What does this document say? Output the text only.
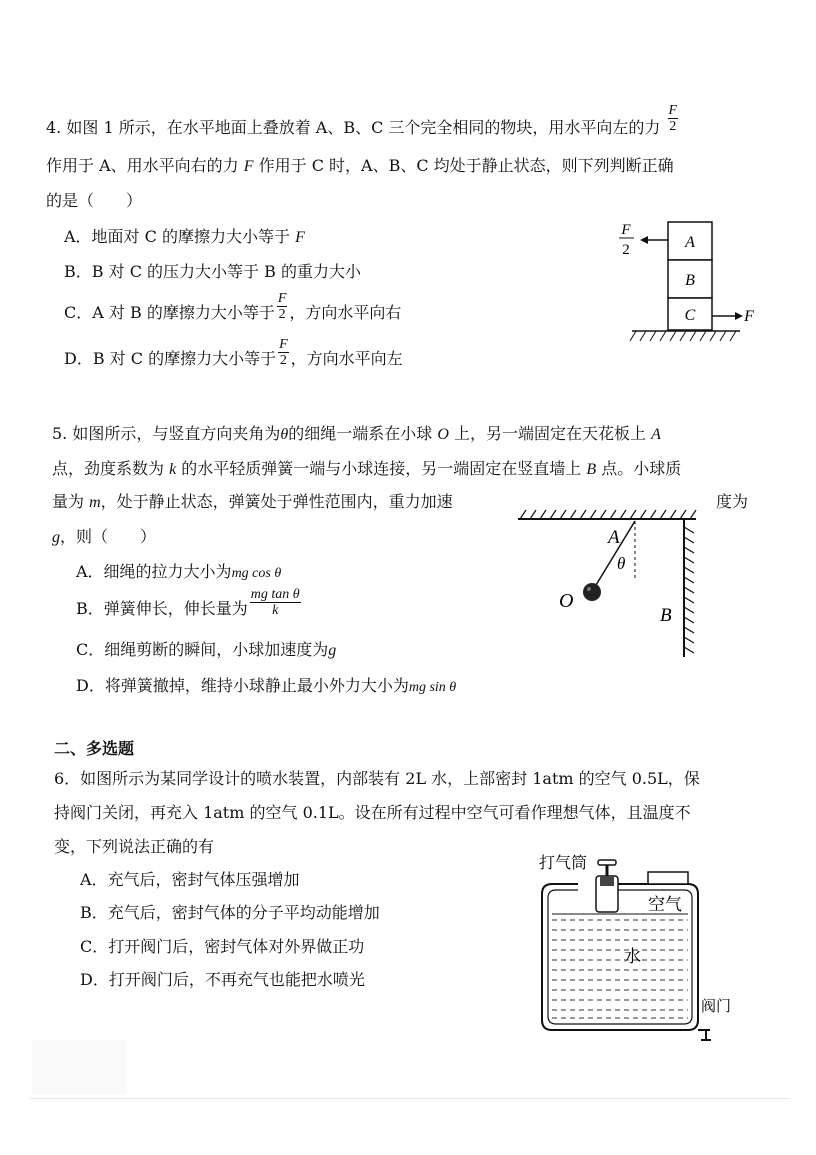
4. 如图 1 所示，在水平地面上叠放着 A、B、C 三个完全相同的物块，用水平向左的力 $\frac{F}{2}$
作用于 A、用水平向右的力 F 作用于 C 时，A、B、C 均处于静止状态，则下列判断正确
的是（　　）
A．地面对 C 的摩擦力大小等于 F
B．B 对 C 的压力大小等于 B 的重力大小
C．A 对 B 的摩擦力大小等于 $\frac{F}{2}$ ，方向水平向右
D．B 对 C 的摩擦力大小等于 $\frac{F}{2}$ ，方向水平向左
A
B
C
F
2
F
5. 如图所示，与竖直方向夹角为θ的细绳一端系在小球 O 上，另一端固定在天花板上 A
点，劲度系数为 k 的水平轻质弹簧一端与小球连接，另一端固定在竖直墙上 B 点。小球质
量为 m，处于静止状态，弹簧处于弹性范围内，重力加速	度为
g，则（　　）
A．细绳的拉力大小为mg cos θ
B．弹簧伸长，伸长量为 $\frac{\text{mg tan θ}}{k}$
C．细绳剪断的瞬间，小球加速度为g
D．将弹簧撤掉，维持小球静止最小外力大小为mg sin θ
A
θ
O
B
二、多选题
6．如图所示为某同学设计的喷水装置，内部装有 2L 水，上部密封 1atm 的空气 0.5L，保
持阀门关闭，再充入 1atm 的空气 0.1L。设在所有过程中空气可看作理想气体，且温度不
变，下列说法正确的有
A．充气后，密封气体压强增加
B．充气后，密封气体的分子平均动能增加
C．打开阀门后，密封气体对外界做正功
D．打开阀门后，不再充气也能把水喷光
打气筒
空气
水
阀门
